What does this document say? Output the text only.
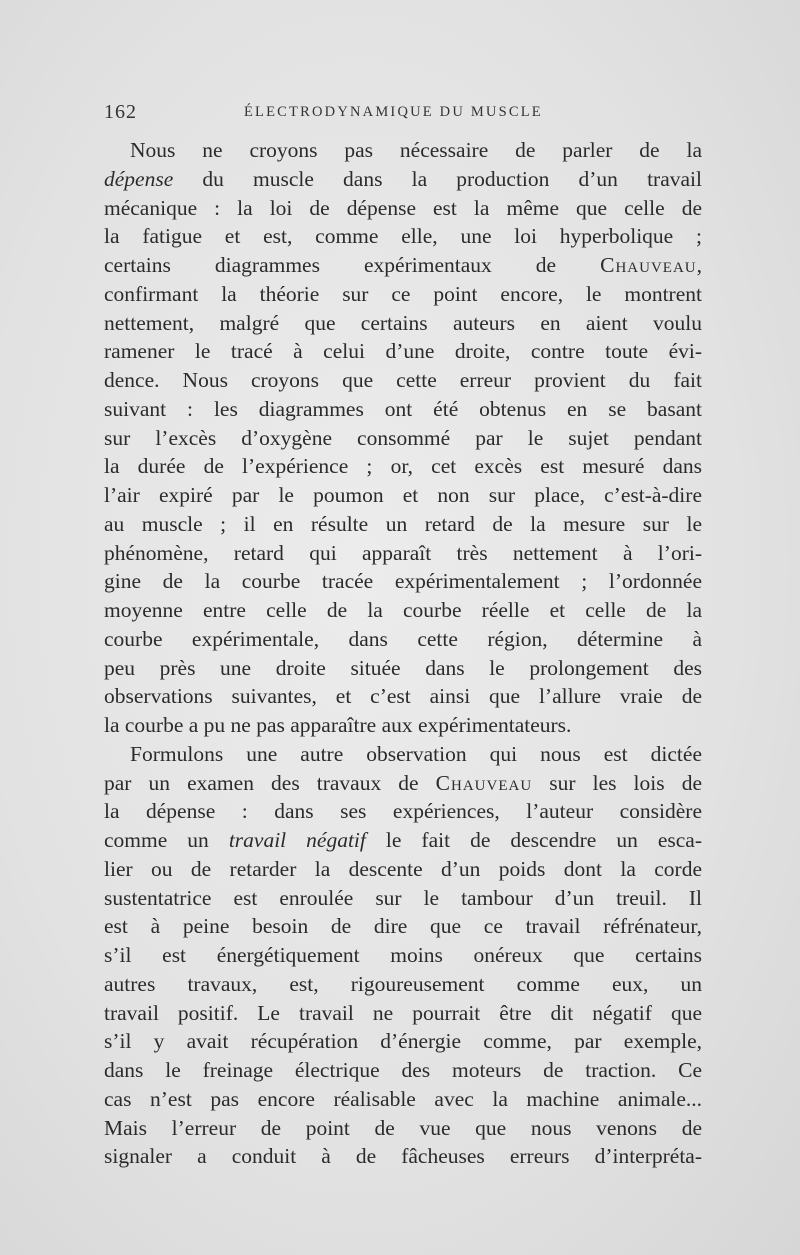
162	ÉLECTRODYNAMIQUE DU MUSCLE
Nous ne croyons pas nécessaire de parler de la
dépense du muscle dans la production d’un travail
mécanique : la loi de dépense est la même que celle de
la fatigue et est, comme elle, une loi hyperbolique ;
certains diagrammes expérimentaux de Chauveau,
confirmant la théorie sur ce point encore, le montrent
nettement, malgré que certains auteurs en aient voulu
ramener le tracé à celui d’une droite, contre toute évi-
dence. Nous croyons que cette erreur provient du fait
suivant : les diagrammes ont été obtenus en se basant
sur l’excès d’oxygène consommé par le sujet pendant
la durée de l’expérience ; or, cet excès est mesuré dans
l’air expiré par le poumon et non sur place, c’est-à-dire
au muscle ; il en résulte un retard de la mesure sur le
phénomène, retard qui apparaît très nettement à l’ori-
gine de la courbe tracée expérimentalement ; l’ordonnée
moyenne entre celle de la courbe réelle et celle de la
courbe expérimentale, dans cette région, détermine à
peu près une droite située dans le prolongement des
observations suivantes, et c’est ainsi que l’allure vraie de
la courbe a pu ne pas apparaître aux expérimentateurs.
Formulons une autre observation qui nous est dictée
par un examen des travaux de Chauveau sur les lois de
la dépense : dans ses expériences, l’auteur considère
comme un travail négatif le fait de descendre un esca-
lier ou de retarder la descente d’un poids dont la corde
sustentatrice est enroulée sur le tambour d’un treuil. Il
est à peine besoin de dire que ce travail réfrénateur,
s’il est énergétiquement moins onéreux que certains
autres travaux, est, rigoureusement comme eux, un
travail positif. Le travail ne pourrait être dit négatif que
s’il y avait récupération d’énergie comme, par exemple,
dans le freinage électrique des moteurs de traction. Ce
cas n’est pas encore réalisable avec la machine animale...
Mais l’erreur de point de vue que nous venons de
signaler a conduit à de fâcheuses erreurs d’interpréta-
